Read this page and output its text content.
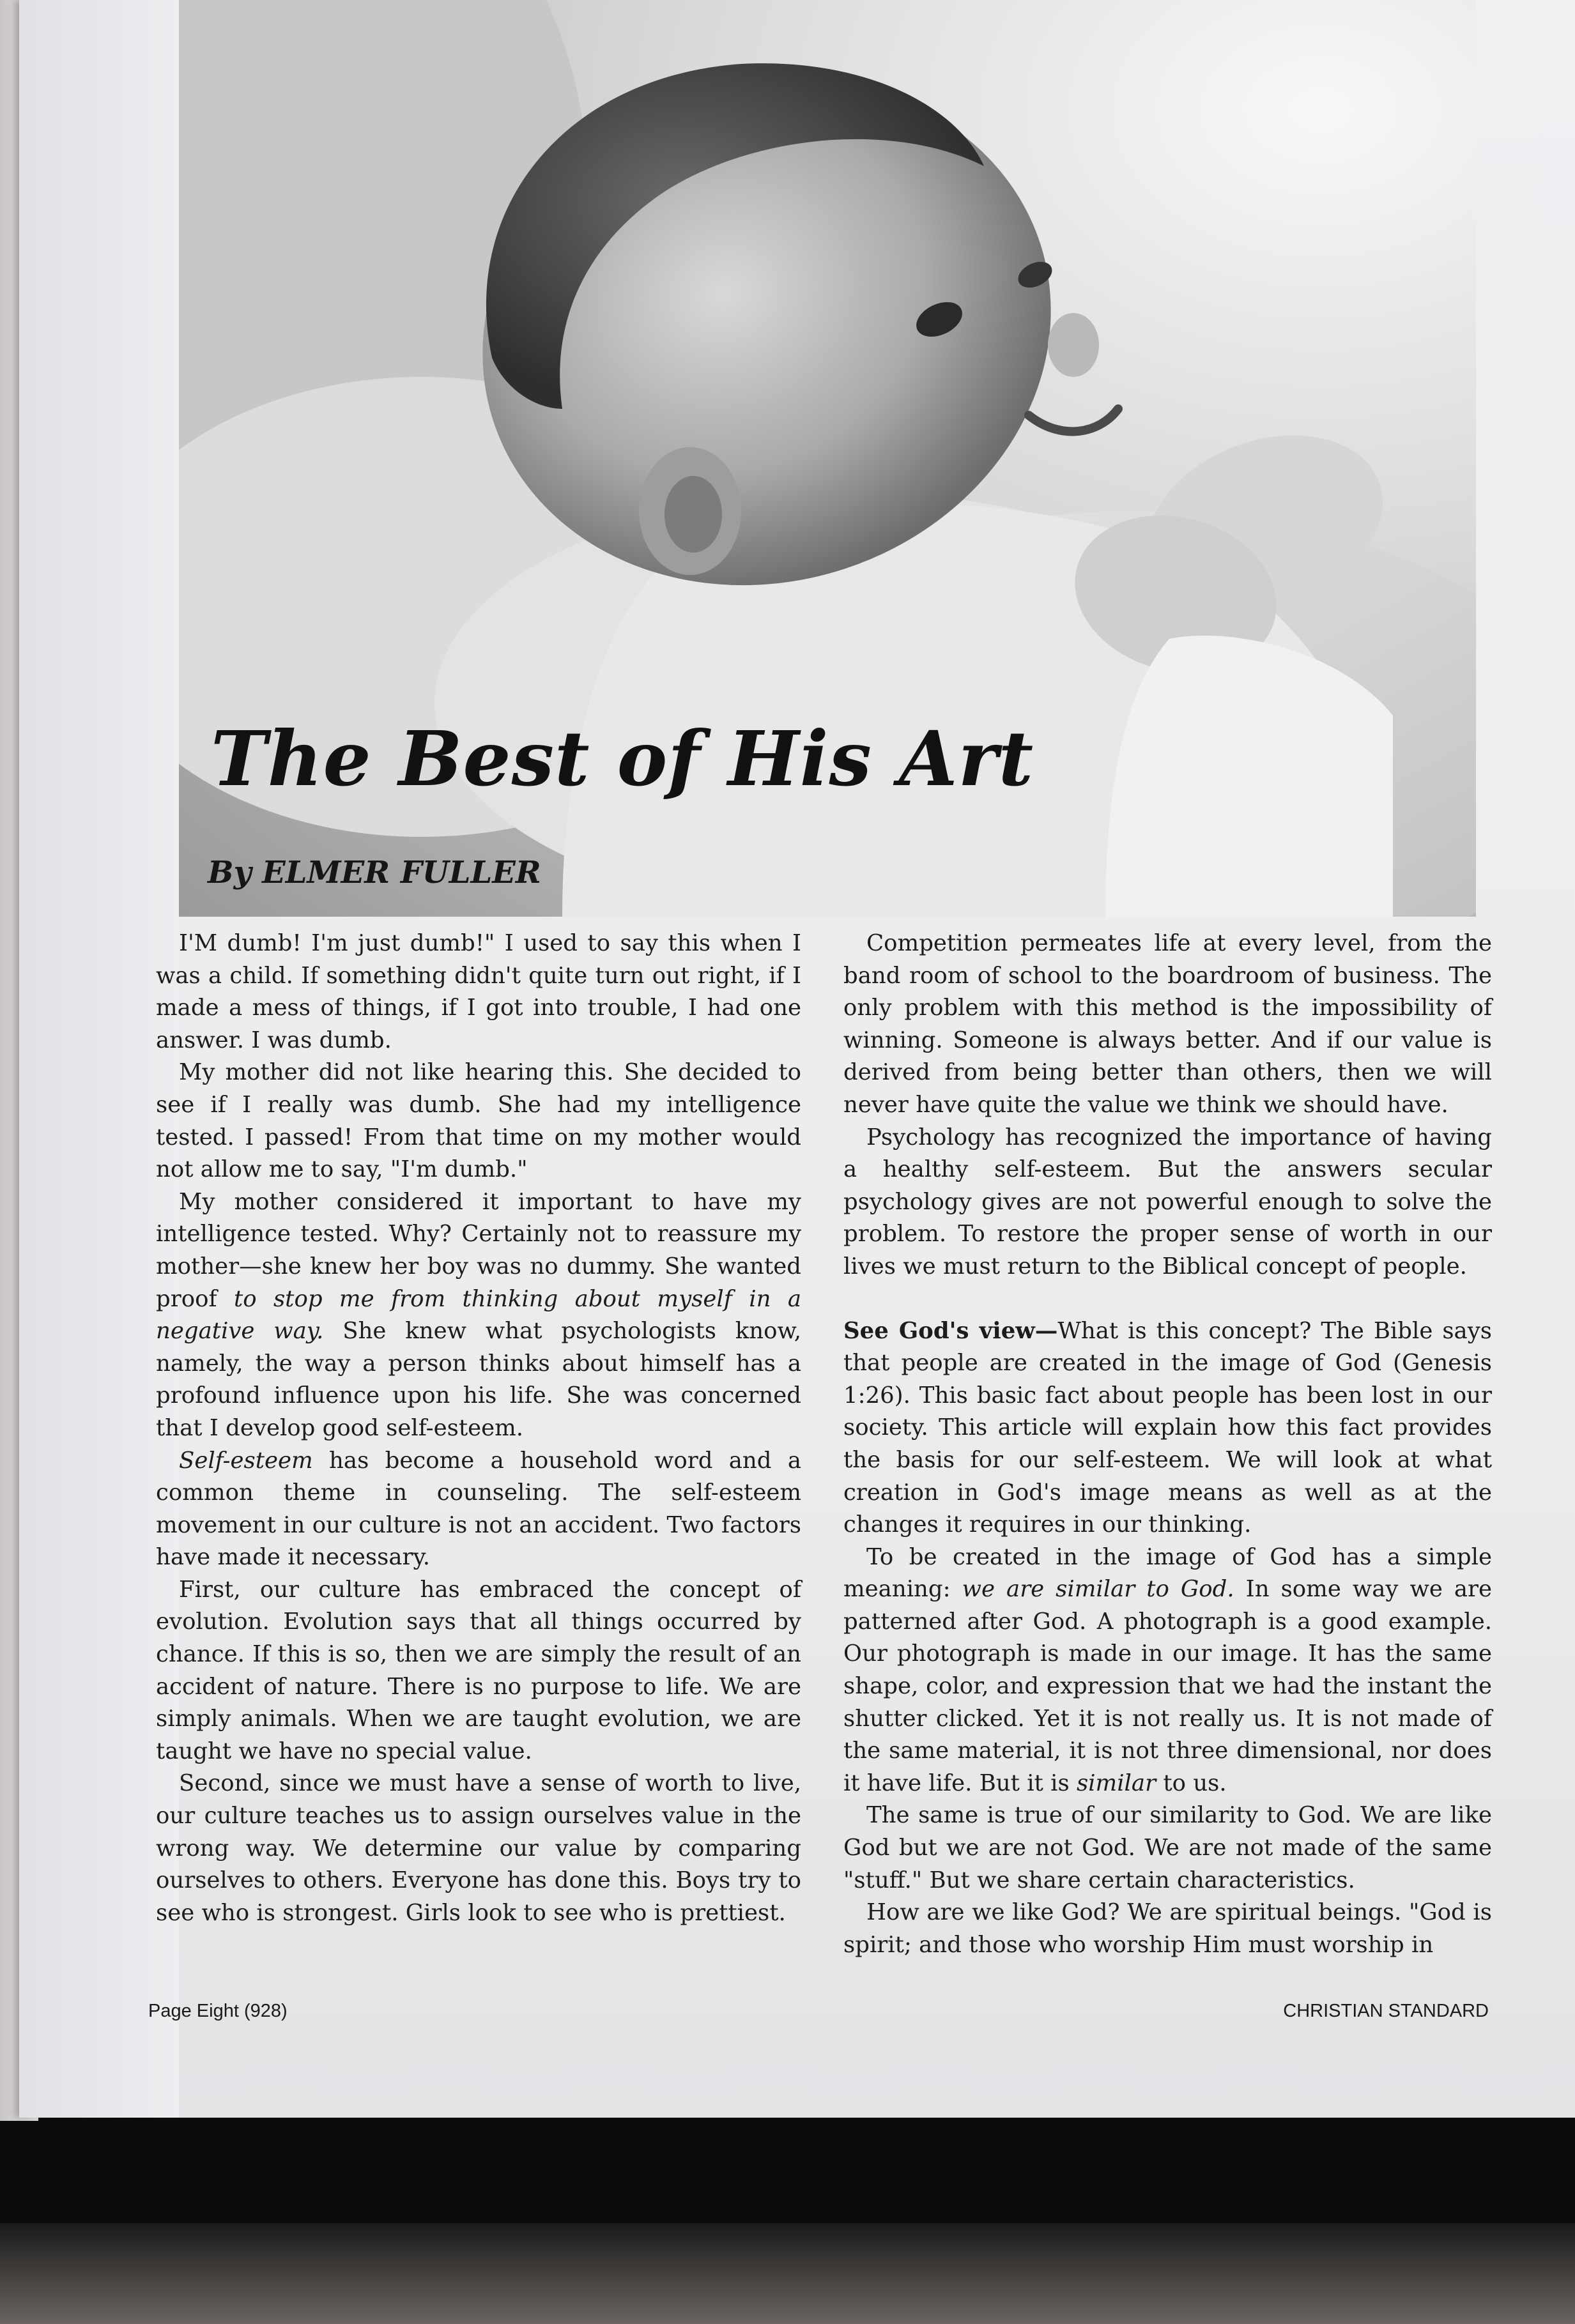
The Best of His Art

By ELMER FULLER

I'M dumb! I'm just dumb!" I used to say this when I was a child. If something didn't quite turn out right, if I made a mess of things, if I got into trouble, I had one answer. I was dumb.

My mother did not like hearing this. She decided to see if I really was dumb. She had my intelligence tested. I passed! From that time on my mother would not allow me to say, "I'm dumb."

My mother considered it important to have my intelligence tested. Why? Certainly not to reassure my mother—she knew her boy was no dummy. She wanted proof to stop me from thinking about myself in a negative way. She knew what psychologists know, namely, the way a person thinks about himself has a profound influence upon his life. She was concerned that I develop good self-esteem.

Self-esteem has become a household word and a common theme in counseling. The self-esteem movement in our culture is not an accident. Two factors have made it necessary.

First, our culture has embraced the concept of evolution. Evolution says that all things occurred by chance. If this is so, then we are simply the result of an accident of nature. There is no purpose to life. We are simply animals. When we are taught evolution, we are taught we have no special value.

Second, since we must have a sense of worth to live, our culture teaches us to assign ourselves value in the wrong way. We determine our value by comparing ourselves to others. Everyone has done this. Boys try to see who is strongest. Girls look to see who is prettiest.

Competition permeates life at every level, from the band room of school to the boardroom of business. The only problem with this method is the impossibility of winning. Someone is always better. And if our value is derived from being better than others, then we will never have quite the value we think we should have.

Psychology has recognized the importance of having a healthy self-esteem. But the answers secular psychology gives are not powerful enough to solve the problem. To restore the proper sense of worth in our lives we must return to the Biblical concept of people.

See God's view—What is this concept? The Bible says that people are created in the image of God (Genesis 1:26). This basic fact about people has been lost in our society. This article will explain how this fact provides the basis for our self-esteem. We will look at what creation in God's image means as well as at the changes it requires in our thinking.

To be created in the image of God has a simple meaning: we are similar to God. In some way we are patterned after God. A photograph is a good example. Our photograph is made in our image. It has the same shape, color, and expression that we had the instant the shutter clicked. Yet it is not really us. It is not made of the same material, it is not three dimensional, nor does it have life. But it is similar to us.

The same is true of our similarity to God. We are like God but we are not God. We are not made of the same "stuff." But we share certain characteristics.

How are we like God? We are spiritual beings. "God is spirit; and those who worship Him must worship in

Page Eight (928)	CHRISTIAN STANDARD
